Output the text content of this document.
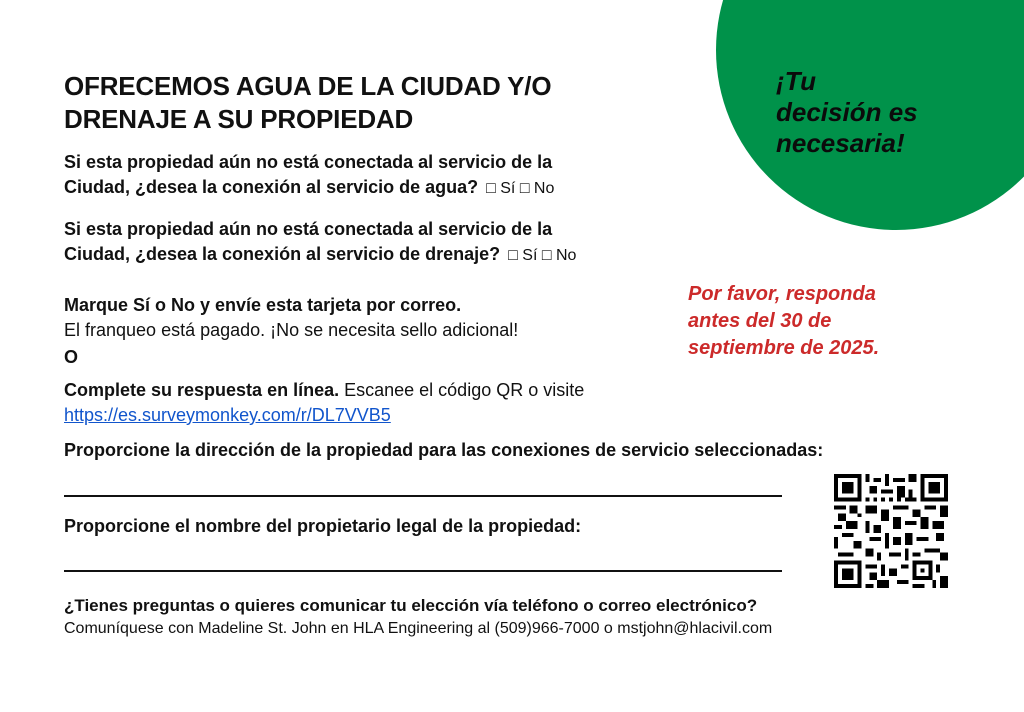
¡Tu
decisión es
necesaria!
OFRECEMOS AGUA DE LA CIUDAD Y/O
DRENAJE A SU PROPIEDAD
Si esta propiedad aún no está conectada al servicio de la
Ciudad, ¿desea la conexión al servicio de agua? □ Sí □ No
Si esta propiedad aún no está conectada al servicio de la
Ciudad, ¿desea la conexión al servicio de drenaje? □ Sí □ No
Marque Sí o No y envíe esta tarjeta por correo.
El franqueo está pagado. ¡No se necesita sello adicional!
O
Complete su respuesta en línea. Escanee el código QR o visite
https://es.surveymonkey.com/r/DL7VVB5
Por favor, responda
antes del 30 de
septiembre de 2025.
Proporcione la dirección de la propiedad para las conexiones de servicio seleccionadas:
Proporcione el nombre del propietario legal de la propiedad:
¿Tienes preguntas o quieres comunicar tu elección vía teléfono o correo electrónico?
Comuníquese con Madeline St. John en HLA Engineering al (509)966-7000 o mstjohn@hlacivil.com
